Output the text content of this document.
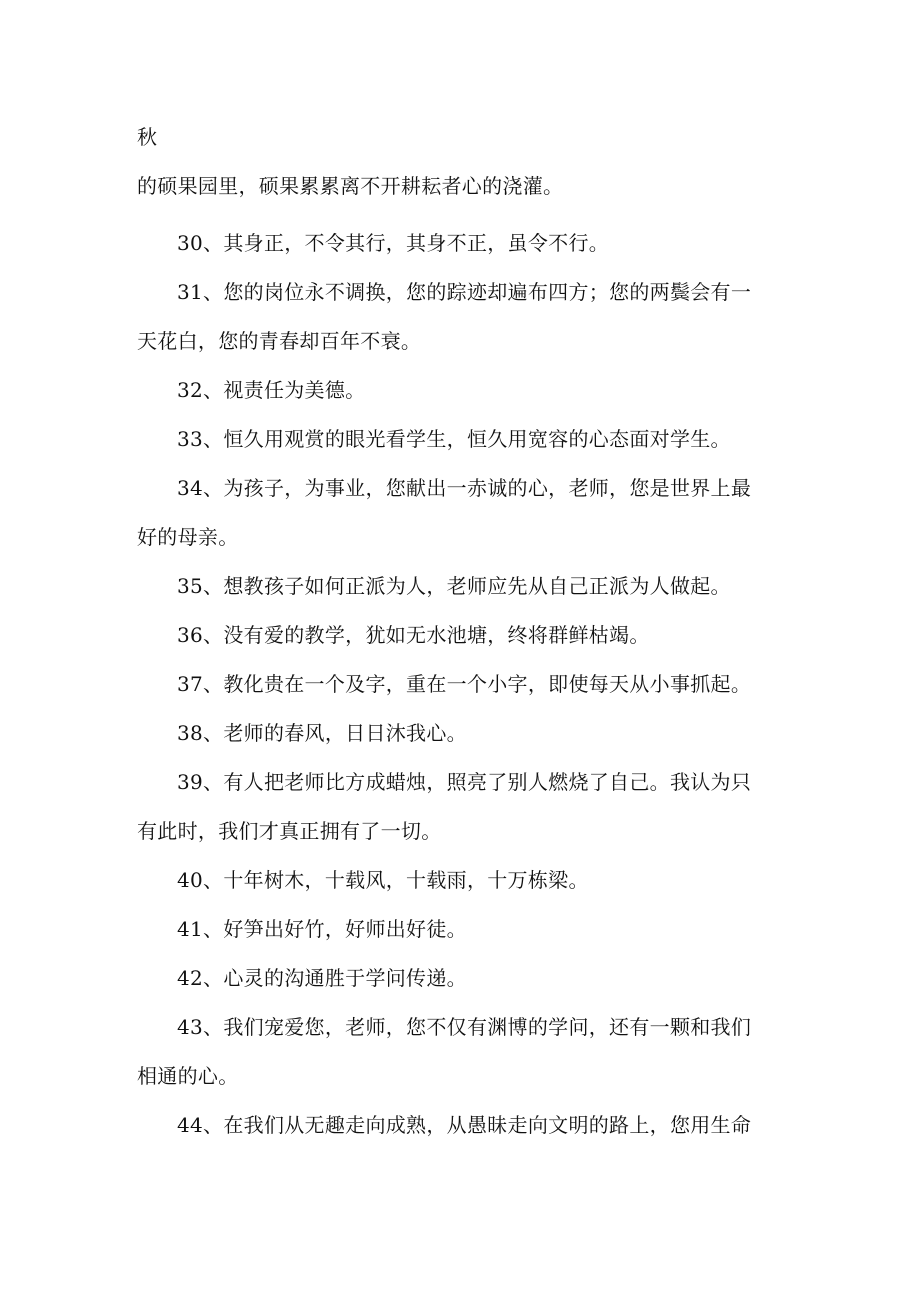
秋
的硕果园里，硕果累累离不开耕耘者心的浇灌。
30、其身正，不令其行，其身不正，虽令不行。
31、您的岗位永不调换，您的踪迹却遍布四方；您的两鬓会有一
天花白，您的青春却百年不衰。
32、视责任为美德。
33、恒久用观赏的眼光看学生，恒久用宽容的心态面对学生。
34、为孩子，为事业，您献出一赤诚的心，老师，您是世界上最
好的母亲。
35、想教孩子如何正派为人，老师应先从自己正派为人做起。
36、没有爱的教学，犹如无水池塘，终将群鲜枯竭。
37、教化贵在一个及字，重在一个小字，即使每天从小事抓起。
38、老师的春风，日日沐我心。
39、有人把老师比方成蜡烛，照亮了别人燃烧了自己。我认为只
有此时，我们才真正拥有了一切。
40、十年树木，十载风，十载雨，十万栋梁。
41、好笋出好竹，好师出好徒。
42、心灵的沟通胜于学问传递。
43、我们宠爱您，老师，您不仅有渊博的学问，还有一颗和我们
相通的心。
44、在我们从无趣走向成熟，从愚昧走向文明的路上，您用生命
